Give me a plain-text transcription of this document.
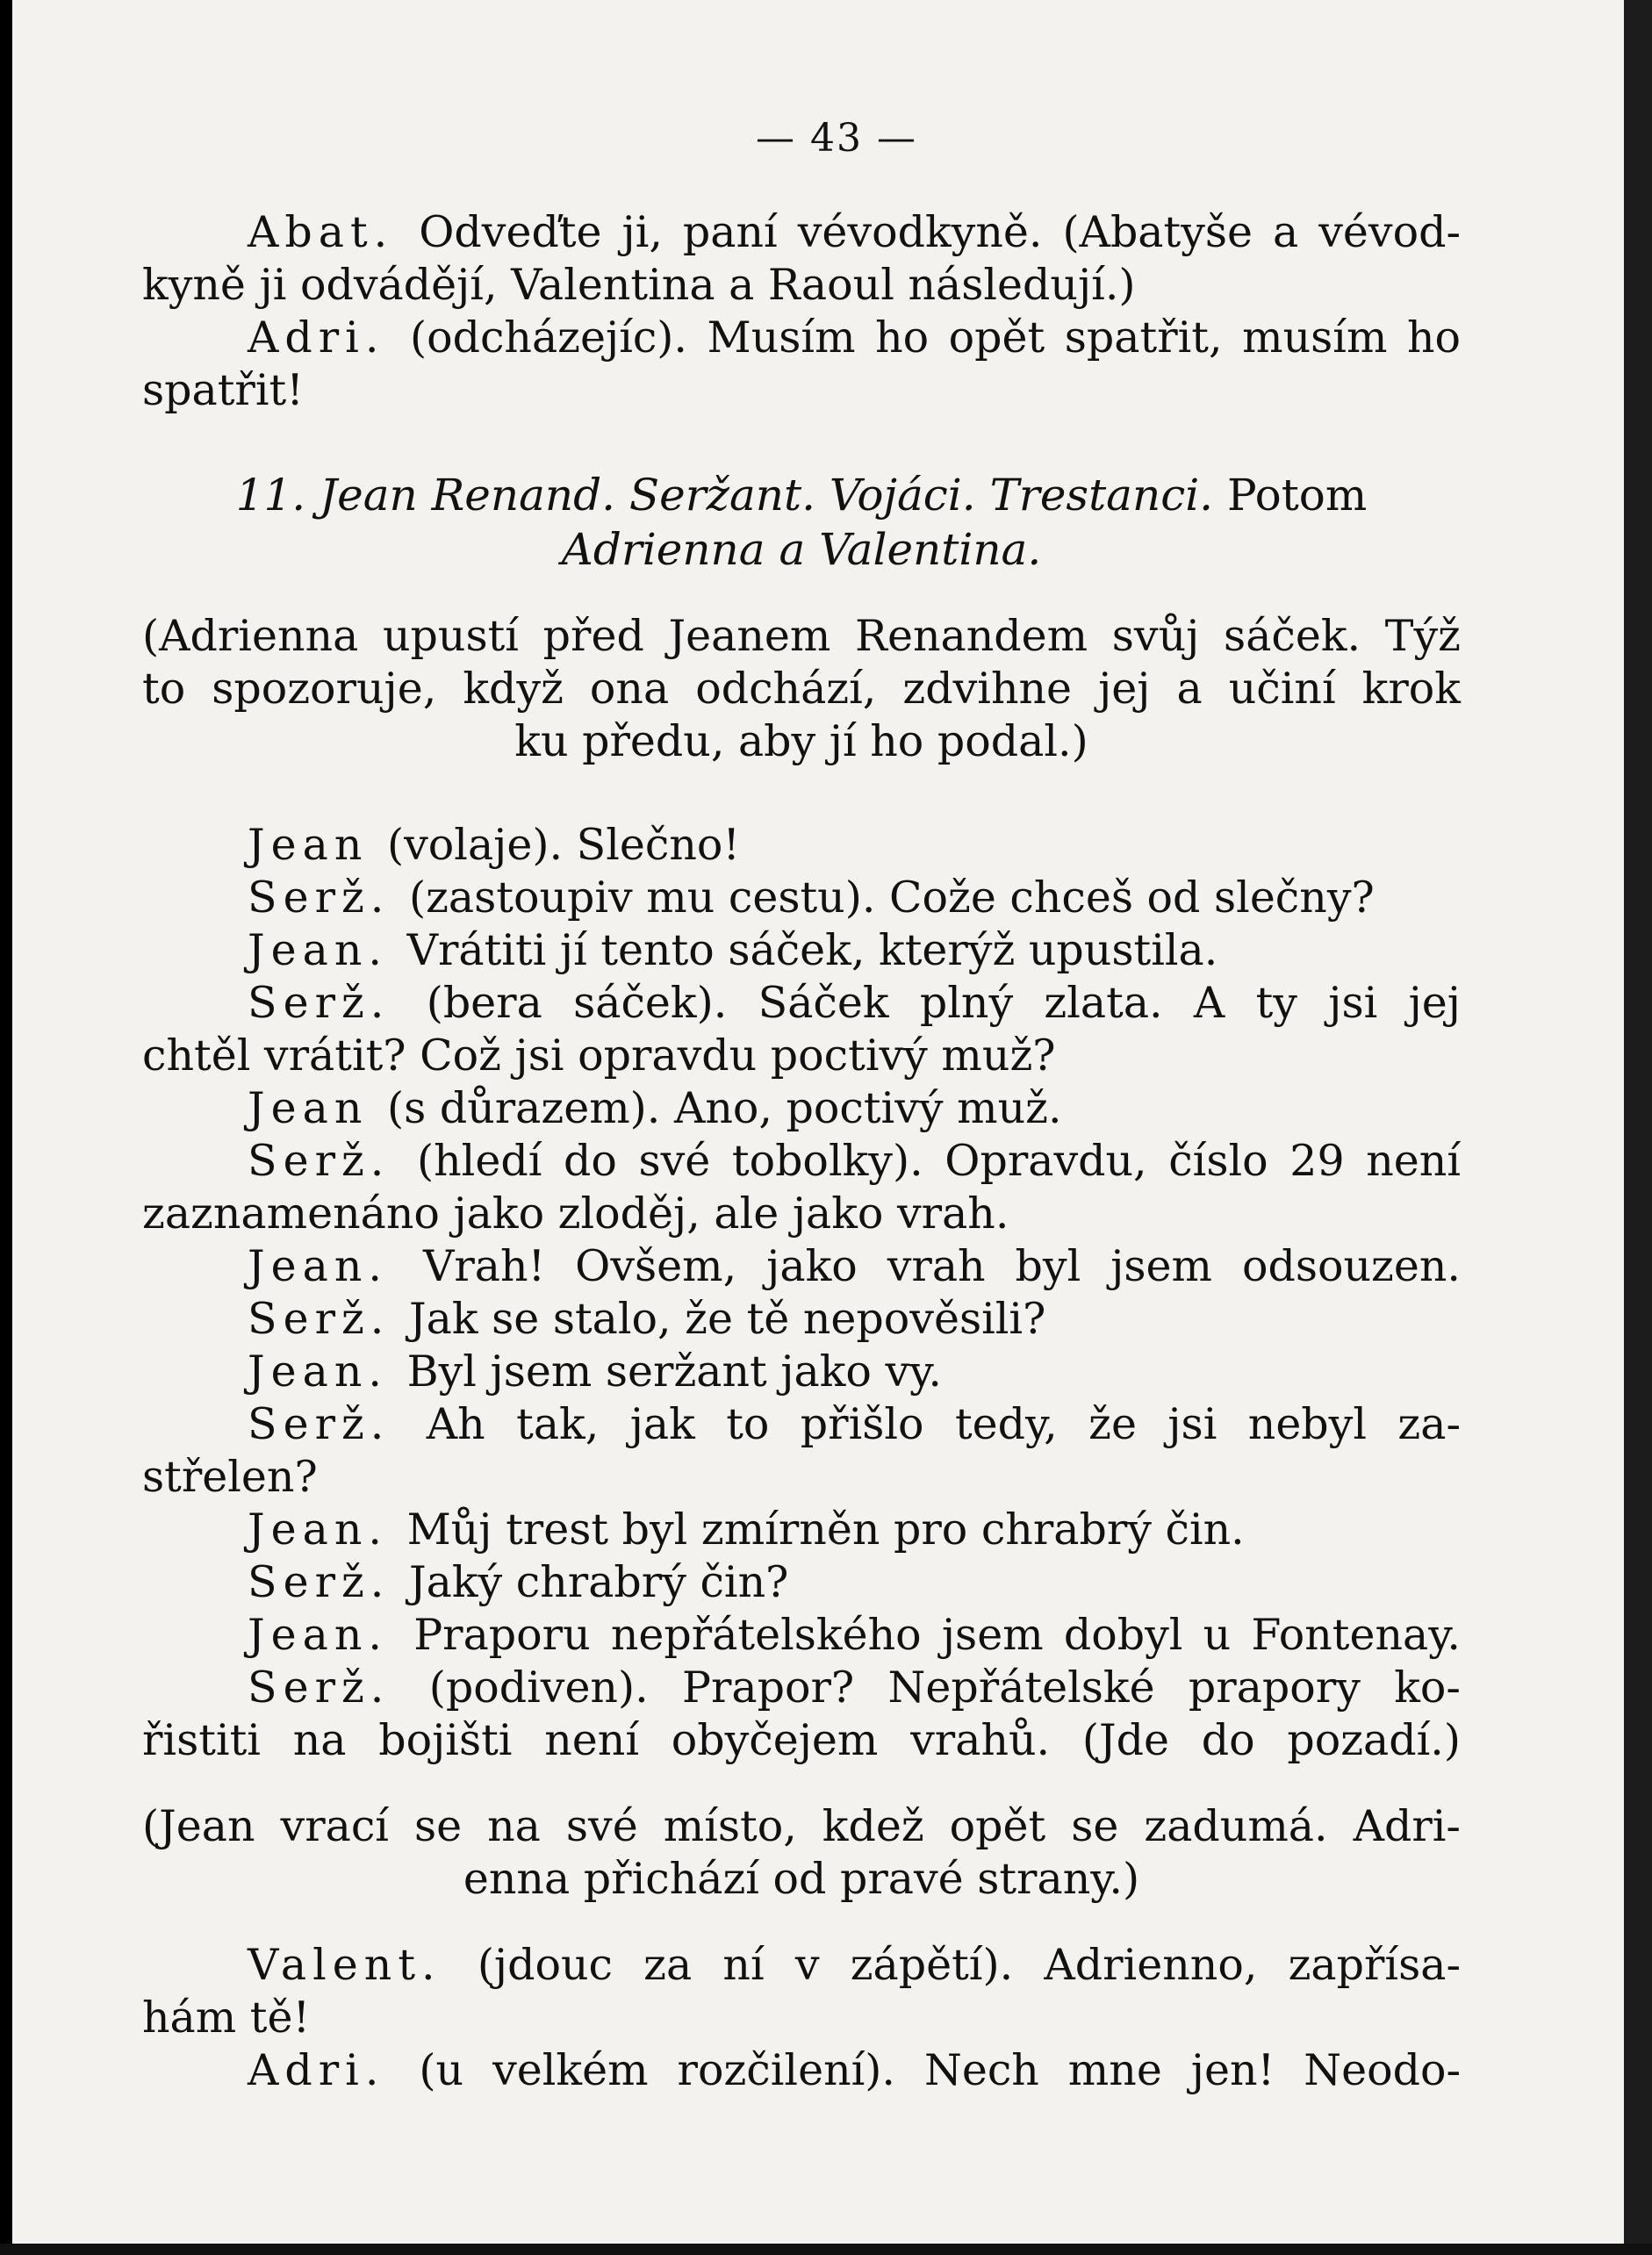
— 43 —
Abat. Odveďte ji, paní vévodkyně. (Abatyše a vévod-
kyně ji odvádějí, Valentina a Raoul následují.)
Adri. (odcházejíc). Musím ho opět spatřit, musím ho
spatřit!
11. Jean Renand. Seržant. Vojáci. Trestanci. Potom
Adrienna a Valentina.
(Adrienna upustí před Jeanem Renandem svůj sáček. Týž
to spozoruje, když ona odchází, zdvihne jej a učiní krok
ku předu, aby jí ho podal.)
Jean (volaje). Slečno!
Serž. (zastoupiv mu cestu). Cože chceš od slečny?
Jean. Vrátiti jí tento sáček, kterýž upustila.
Serž. (bera sáček). Sáček plný zlata. A ty jsi jej
chtěl vrátit? Což jsi opravdu poctivý muž?
Jean (s důrazem). Ano, poctivý muž.
Serž. (hledí do své tobolky). Opravdu, číslo 29 není
zaznamenáno jako zloděj, ale jako vrah.
Jean. Vrah! Ovšem, jako vrah byl jsem odsouzen.
Serž. Jak se stalo, že tě nepověsili?
Jean. Byl jsem seržant jako vy.
Serž. Ah tak, jak to přišlo tedy, že jsi nebyl za-
střelen?
Jean. Můj trest byl zmírněn pro chrabrý čin.
Serž. Jaký chrabrý čin?
Jean. Praporu nepřátelského jsem dobyl u Fontenay.
Serž. (podiven). Prapor? Nepřátelské prapory ko-
řistiti na bojišti není obyčejem vrahů. (Jde do pozadí.)
(Jean vrací se na své místo, kdež opět se zadumá. Adri-
enna přichází od pravé strany.)
Valent. (jdouc za ní v zápětí). Adrienno, zapřísa-
hám tě!
Adri. (u velkém rozčilení). Nech mne jen! Neodo-
